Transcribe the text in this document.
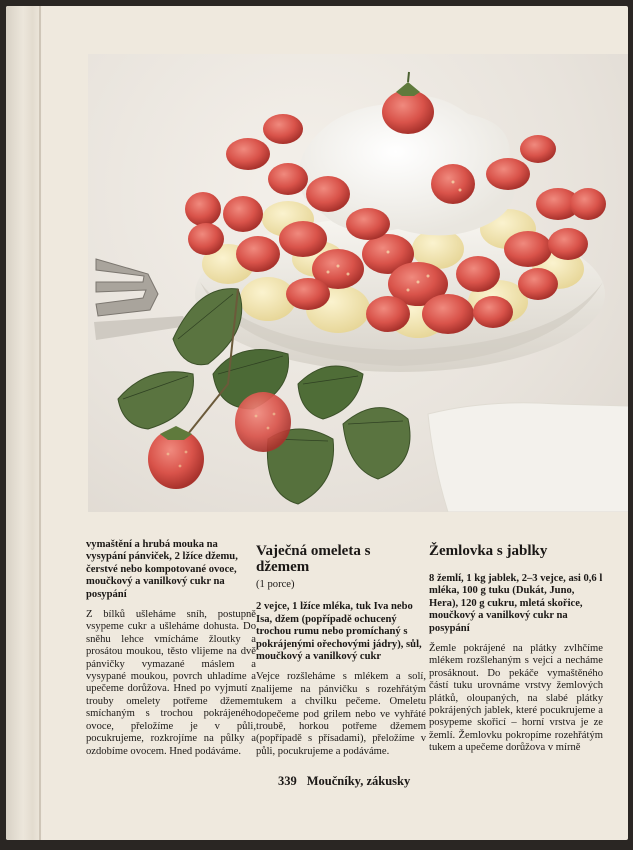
vymaštění a hrubá mouka na vysypání pánviček, 2 lžíce džemu, čerstvé nebo kompotované ovoce, moučkový a vanilkový cukr na posypání

Z bílků ušleháme sníh, postupně vsypeme cukr a ušleháme dohusta. Do sněhu lehce vmícháme žloutky a prosátou moukou, těsto vlijeme na dvě pánvičky vymazané máslem a vysypané moukou, povrch uhladíme a upečeme dorůžova. Hned po vyjmutí z trouby omelety potřeme džemem smíchaným s trochou pokrájeného ovoce, přeložíme je v půli, pocukrujeme, rozkrojíme na půlky a ozdobíme ovocem. Hned podáváme.

Vaječná omeleta s džemem

(1 porce)

2 vejce, 1 lžíce mléka, tuk Iva nebo Isa, džem (popřípadě ochucený trochou rumu nebo promíchaný s pokrájenými ořechovými jádry), sůl, moučkový a vanilkový cukr

Vejce rozšleháme s mlékem a solí, nalijeme na pánvičku s rozehřátým tukem a chvilku pečeme. Omeletu dopečeme pod grilem nebo ve vyhřáté troubě, horkou potřeme džemem (popřípadě s přísadami), přeložíme v půli, pocukrujeme a podáváme.

Žemlovka s jablky

8 žemlí, 1 kg jablek, 2–3 vejce, asi 0,6 l mléka, 100 g tuku (Dukát, Juno, Hera), 120 g cukru, mletá skořice, moučkový a vanilkový cukr na posypání

Žemle pokrájené na plátky zvlhčíme mlékem rozšlehaným s vejci a necháme prosáknout. Do pekáče vymaštěného částí tuku urovnáme vrstvy žemlových plátků, oloupaných, na slabé plátky pokrájených jablek, které pocukrujeme a posypeme skořicí – horní vrstva je ze žemlí. Žemlovku pokropíme rozehřátým tukem a upečeme dorůžova v mírně

339 Moučníky, zákusky
